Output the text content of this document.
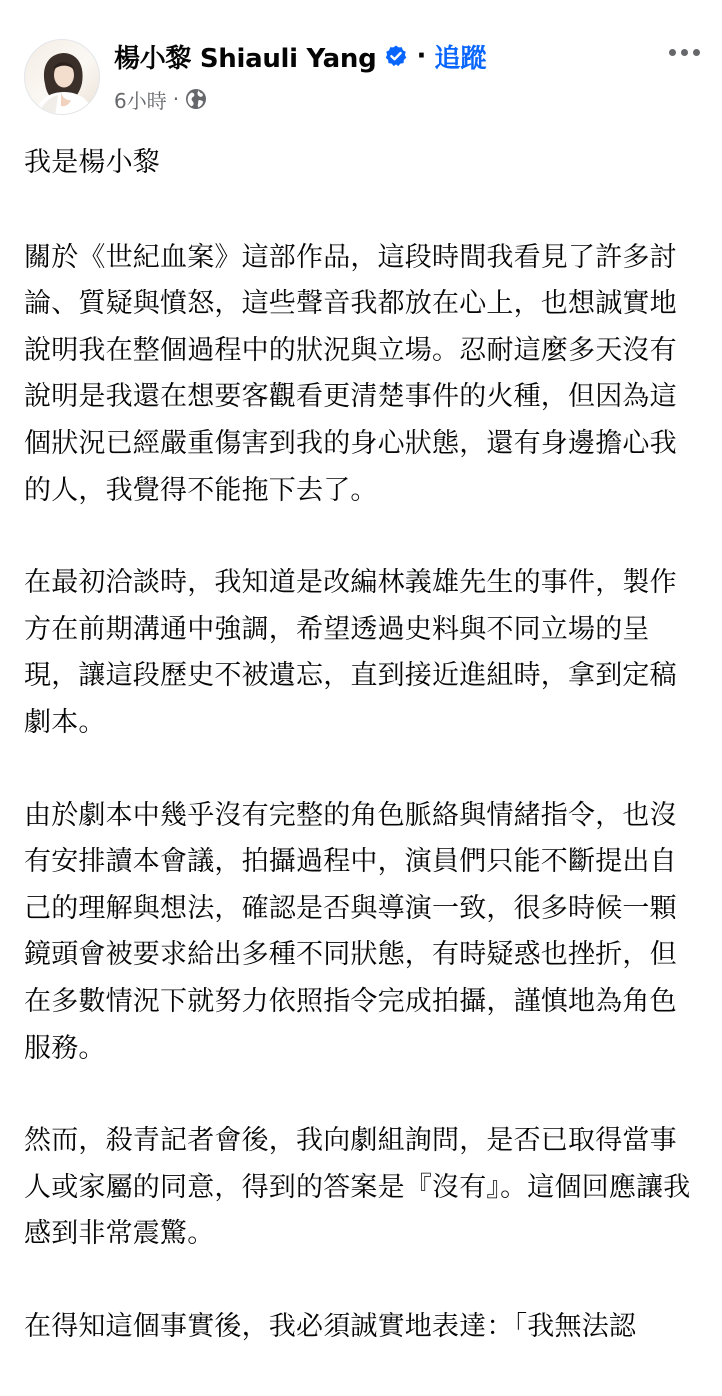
楊小黎 Shiauli Yang · 追蹤
6小時 ·

我是楊小黎

關於《世紀血案》這部作品，這段時間我看見了許多討論、質疑與憤怒，這些聲音我都放在心上，也想誠實地說明我在整個過程中的狀況與立場。忍耐這麼多天沒有說明是我還在想要客觀看更清楚事件的火種，但因為這個狀況已經嚴重傷害到我的身心狀態，還有身邊擔心我的人，我覺得不能拖下去了。

在最初洽談時，我知道是改編林義雄先生的事件，製作方在前期溝通中強調，希望透過史料與不同立場的呈現，讓這段歷史不被遺忘，直到接近進組時，拿到定稿劇本。

由於劇本中幾乎沒有完整的角色脈絡與情緒指令，也沒有安排讀本會議，拍攝過程中，演員們只能不斷提出自己的理解與想法，確認是否與導演一致，很多時候一顆鏡頭會被要求給出多種不同狀態，有時疑惑也挫折，但在多數情況下就努力依照指令完成拍攝，謹慎地為角色服務。

然而，殺青記者會後，我向劇組詢問，是否已取得當事人或家屬的同意，得到的答案是『沒有』。這個回應讓我感到非常震驚。

在得知這個事實後，我必須誠實地表達：「我無法認
